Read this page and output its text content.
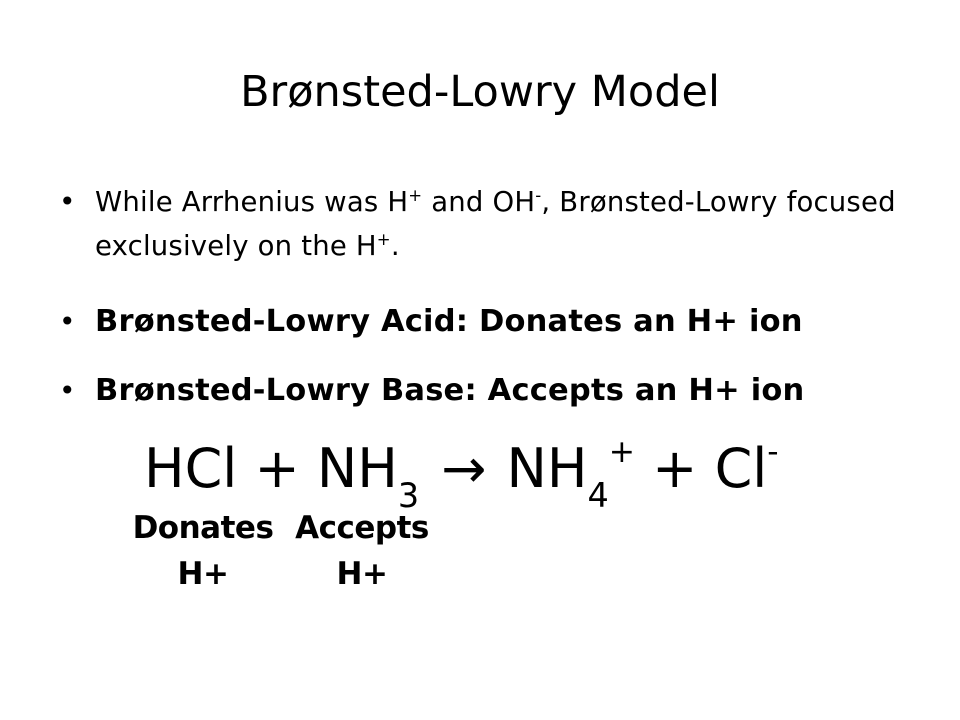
Brønsted-Lowry Model
• While Arrhenius was H+ and OH-, Brønsted-Lowry focused exclusively on the H+.
• Brønsted-Lowry Acid: Donates an H+ ion
• Brønsted-Lowry Base: Accepts an H+ ion
HCl + $NH_3 \to NH_4^+ + Cl^-$
Donates
H+
Accepts
H+
